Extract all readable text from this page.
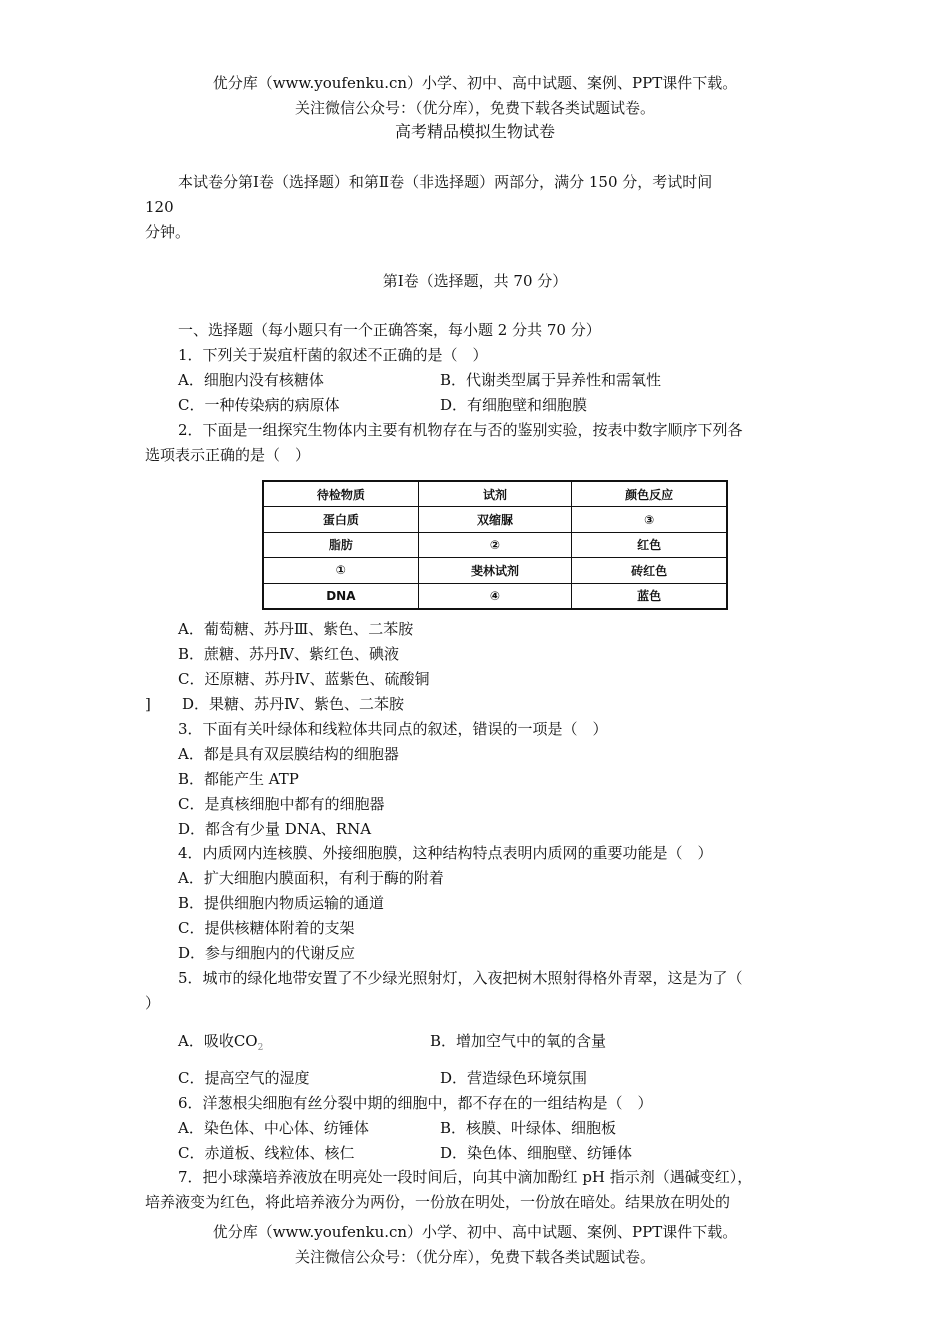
优分库（www.youfenku.cn）小学、初中、高中试题、案例、PPT课件下载。
关注微信公众号：（优分库），免费下载各类试题试卷。
高考精品模拟生物试卷
本试卷分第Ⅰ卷（选择题）和第Ⅱ卷（非选择题）两部分，满分 150 分，考试时间
120
分钟。
第Ⅰ卷（选择题，共 70 分）
一、选择题（每小题只有一个正确答案，每小题 2 分共 70 分）
1．下列关于炭疽杆菌的叙述不正确的是（　）
A．细胞内没有核糖体	B．代谢类型属于异养性和需氧性
C．一种传染病的病原体	D．有细胞壁和细胞膜
2．下面是一组探究生物体内主要有机物存在与否的鉴别实验，按表中数字顺序下列各
选项表示正确的是（　）
待检物质	试剂	颜色反应
蛋白质	双缩脲	③
脂肪	②	红色
①	斐林试剂	砖红色
DNA	④	蓝色
A．葡萄糖、苏丹Ⅲ、紫色、二苯胺
B．蔗糖、苏丹Ⅳ、紫红色、碘液
C．还原糖、苏丹Ⅳ、蓝紫色、硫酸铜
] D．果糖、苏丹Ⅳ、紫色、二苯胺
3．下面有关叶绿体和线粒体共同点的叙述，错误的一项是（　）
A．都是具有双层膜结构的细胞器
B．都能产生 ATP
C．是真核细胞中都有的细胞器
D．都含有少量 DNA、RNA
4．内质网内连核膜、外接细胞膜，这种结构特点表明内质网的重要功能是（　）
A．扩大细胞内膜面积，有利于酶的附着
B．提供细胞内物质运输的通道
C．提供核糖体附着的支架
D．参与细胞内的代谢反应
5．城市的绿化地带安置了不少绿光照射灯，入夜把树木照射得格外青翠，这是为了（
）
A．吸收$CO_2$	B．增加空气中的氧的含量
C．提高空气的湿度	D．营造绿色环境氛围
6．洋葱根尖细胞有丝分裂中期的细胞中，都不存在的一组结构是（　）
A．染色体、中心体、纺锤体	B．核膜、叶绿体、细胞板
C．赤道板、线粒体、核仁	D．染色体、细胞壁、纺锤体
7．把小球藻培养液放在明亮处一段时间后，向其中滴加酚红 pH 指示剂（遇碱变红），
培养液变为红色，将此培养液分为两份，一份放在明处，一份放在暗处。结果放在明处的
优分库（www.youfenku.cn）小学、初中、高中试题、案例、PPT课件下载。
关注微信公众号：（优分库），免费下载各类试题试卷。
